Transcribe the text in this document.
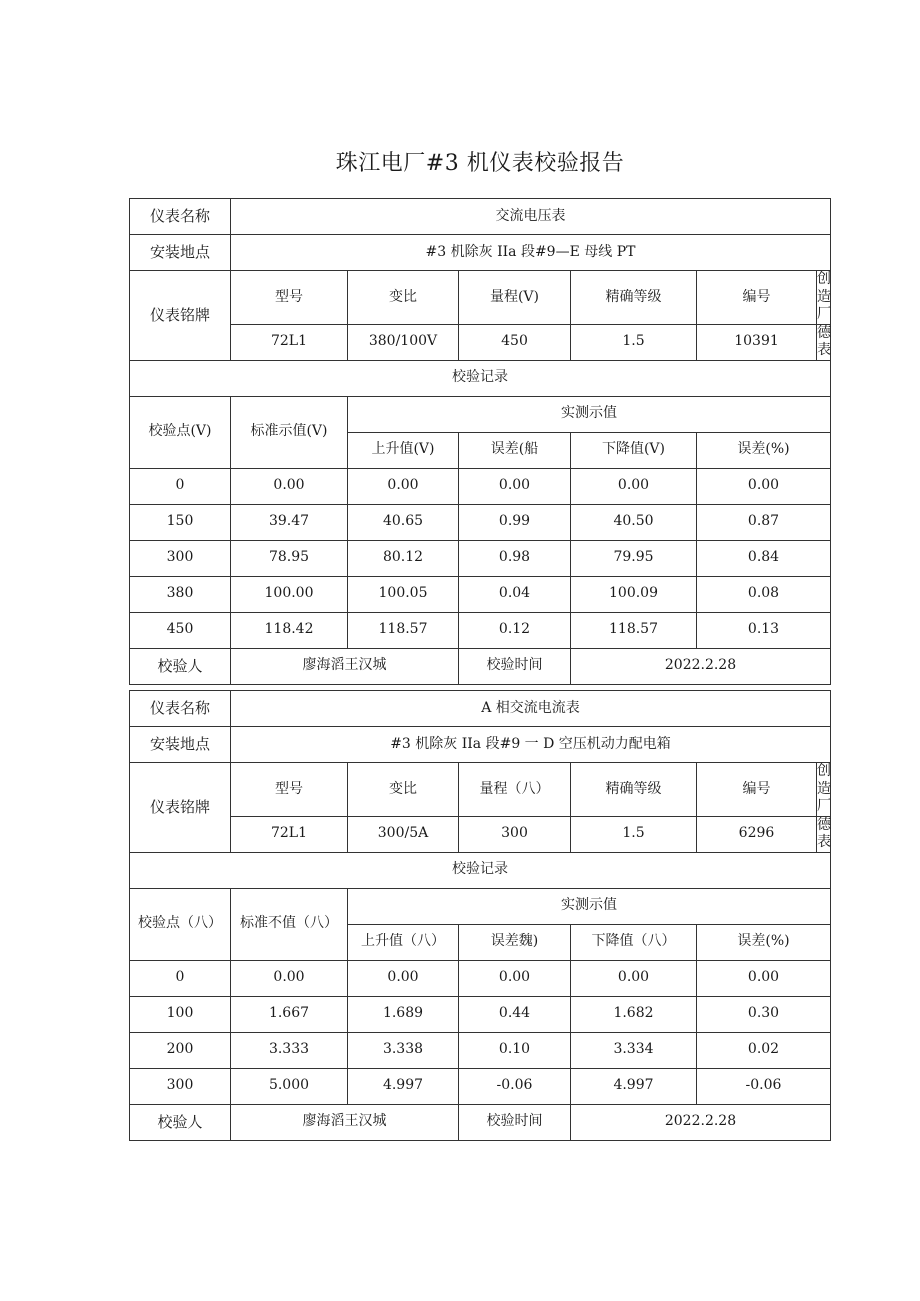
珠江电厂#3 机仪表校验报告
仪表名称	交流电压表					
安装地点	#3 机除灰 IIa 段#9—E 母线 PT					
仪表铭牌	型号	变比	量程(V)	精确等级	编号	创造厂
	72L1	380/100V	450	1.5	10391	德表
校验记录						
校验点(V)	标准示值(V)	实测示值				
		上升值(V)	误差(船	下降值(V)	误差(%)	
0	0.00	0.00	0.00	0.00	0.00	
150	39.47	40.65	0.99	40.50	0.87	
300	78.95	80.12	0.98	79.95	0.84	
380	100.00	100.05	0.04	100.09	0.08	
450	118.42	118.57	0.12	118.57	0.13	
校验人	廖海滔王汉城		校验时间	2022.2.28		
仪表名称	A 相交流电流表					
安装地点	#3 机除灰 IIa 段#9 一 D 空压机动力配电箱					
仪表铭牌	型号	变比	量程（八）	精确等级	编号	创造厂
	72L1	300/5A	300	1.5	6296	德表
校验记录						
校验点（八）	标准不值（八）	实测示值				
		上升值（八）	误差魏)	下降值（八）	误差(%)	
0	0.00	0.00	0.00	0.00	0.00	
100	1.667	1.689	0.44	1.682	0.30	
200	3.333	3.338	0.10	3.334	0.02	
300	5.000	4.997	-0.06	4.997	-0.06	
校验人	廖海滔王汉城		校验时间	2022.2.28		
